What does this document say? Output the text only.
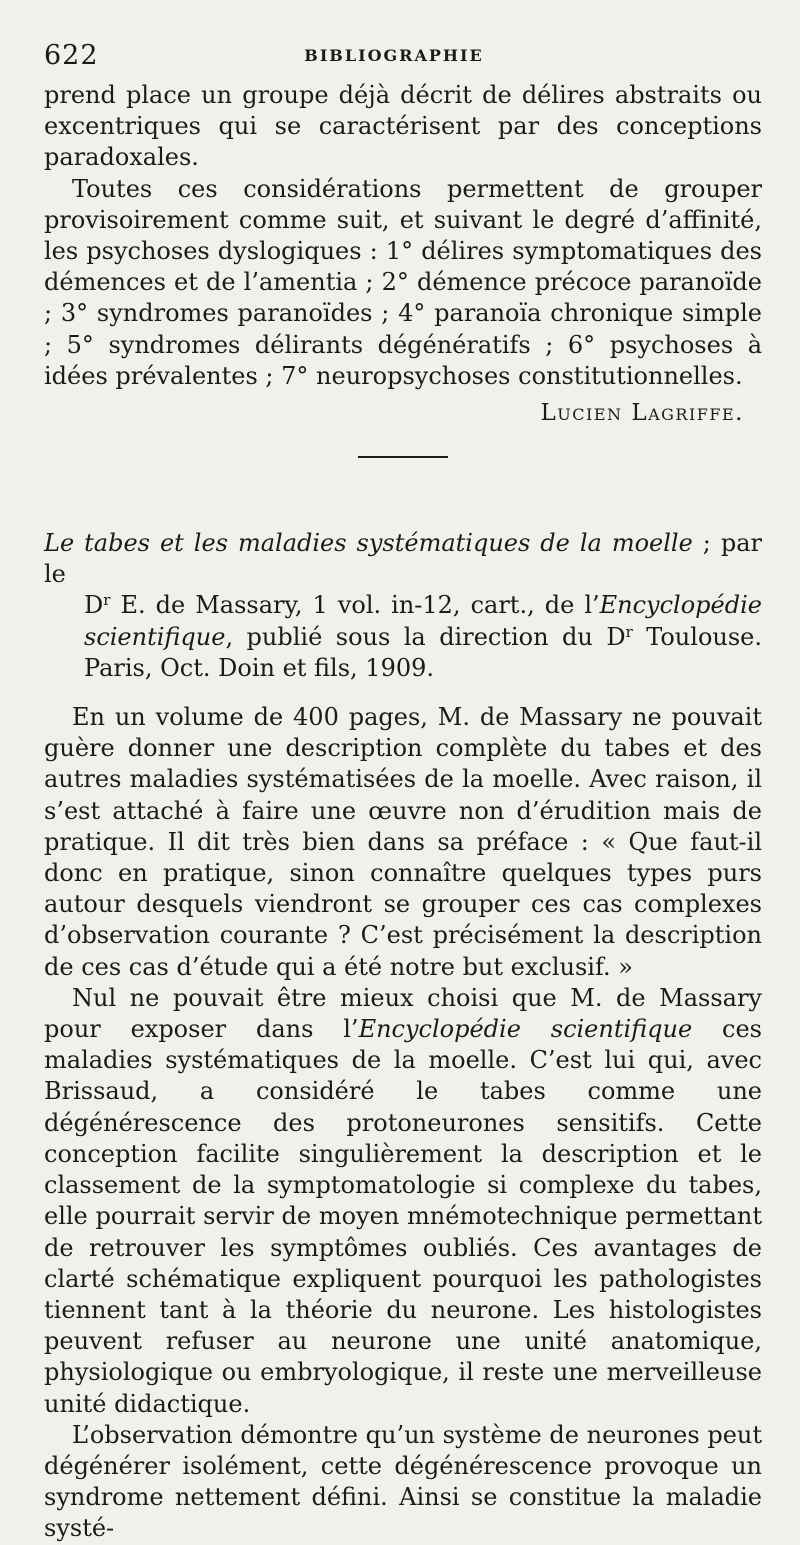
622	BIBLIOGRAPHIE

prend place un groupe déjà décrit de délires abstraits ou excentriques qui se caractérisent par des conceptions paradoxales.

Toutes ces considérations permettent de grouper provisoirement comme suit, et suivant le degré d’affinité, les psychoses dyslogiques : 1° délires symptomatiques des démences et de l’amentia ; 2° démence précoce paranoïde ; 3° syndromes paranoïdes ; 4° paranoïa chronique simple ; 5° syndromes délirants dégénératifs ; 6° psychoses à idées prévalentes ; 7° neuropsychoses constitutionnelles.

Lucien Lagriffe.

Le tabes et les maladies systématiques de la moelle ; par le
$D^r$ E. de Massary, 1 vol. in-12, cart., de l’Encyclopédie scientifique, publié sous la direction du $D^r$ Toulouse. Paris, Oct. Doin et fils, 1909.

En un volume de 400 pages, M. de Massary ne pouvait guère donner une description complète du tabes et des autres maladies systématisées de la moelle. Avec raison, il s’est attaché à faire une œuvre non d’érudition mais de pratique. Il dit très bien dans sa préface : « Que faut-il donc en pratique, sinon connaître quelques types purs autour desquels viendront se grouper ces cas complexes d’observation courante ? C’est précisément la description de ces cas d’étude qui a été notre but exclusif. »

Nul ne pouvait être mieux choisi que M. de Massary pour exposer dans l’Encyclopédie scientifique ces maladies systématiques de la moelle. C’est lui qui, avec Brissaud, a considéré le tabes comme une dégénérescence des protoneurones sensitifs. Cette conception facilite singulièrement la description et le classement de la symptomatologie si complexe du tabes, elle pourrait servir de moyen mnémotechnique permettant de retrouver les symptômes oubliés. Ces avantages de clarté schématique expliquent pourquoi les pathologistes tiennent tant à la théorie du neurone. Les histologistes peuvent refuser au neurone une unité anatomique, physiologique ou embryologique, il reste une merveilleuse unité didactique.

L’observation démontre qu’un système de neurones peut dégénérer isolément, cette dégénérescence provoque un syndrome nettement défini. Ainsi se constitue la maladie systé-
